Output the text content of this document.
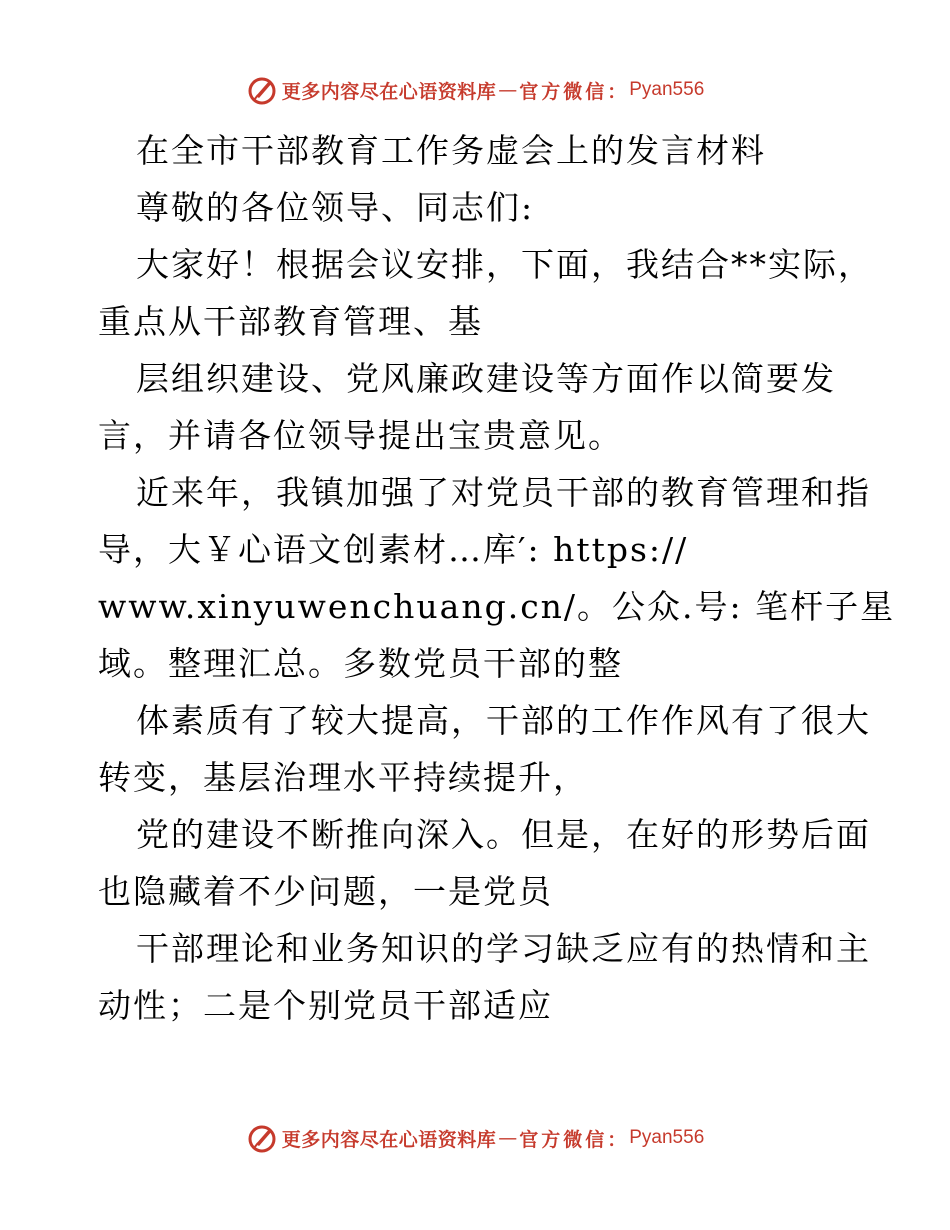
更多内容尽在心语资料库 — 官方微信： Pyan556
在全市干部教育工作务虚会上的发言材料
尊敬的各位领导、同志们:
大家好！根据会议安排，下面，我结合**实际，
重点从干部教育管理、基
层组织建设、党风廉政建设等方面作以简要发
言，并请各位领导提出宝贵意见。
近来年，我镇加强了对党员干部的教育管理和指
导，大￥心语文创素材…库′: https://
www.xinyuwenchuang.cn/。公众.号: 笔杆子星
域。整理汇总。多数党员干部的整
体素质有了较大提高，干部的工作作风有了很大
转变，基层治理水平持续提升，
党的建设不断推向深入。但是，在好的形势后面
也隐藏着不少问题，一是党员
干部理论和业务知识的学习缺乏应有的热情和主
动性；二是个别党员干部适应
更多内容尽在心语资料库 — 官方微信： Pyan556
